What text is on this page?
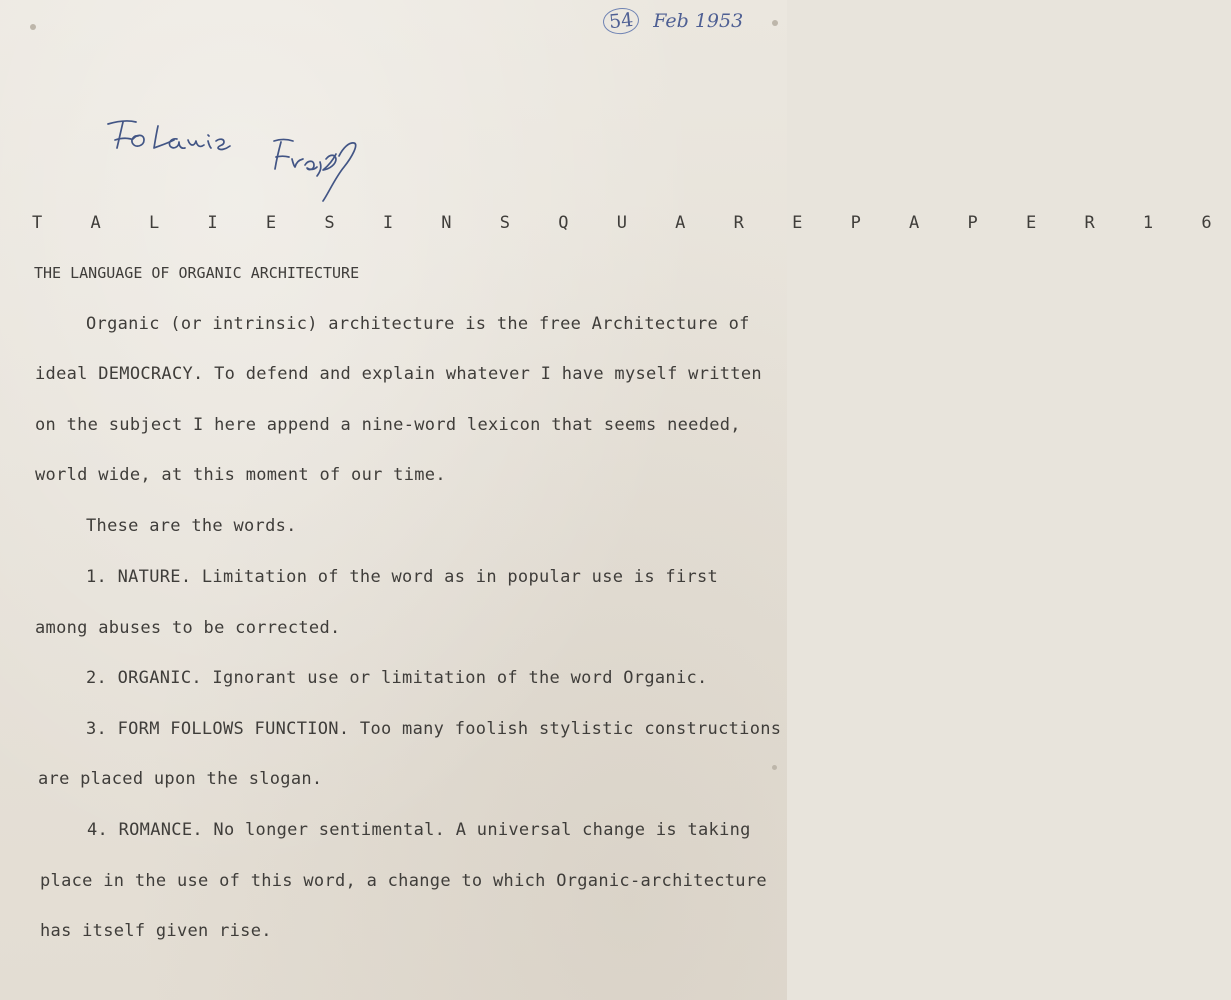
54 Feb 1953
T A L I E S I N S Q U A R E P A P E R 1 6
THE LANGUAGE OF ORGANIC ARCHITECTURE
Organic (or intrinsic) architecture is the free Architecture of
ideal DEMOCRACY. To defend and explain whatever I have myself written
on the subject I here append a nine-word lexicon that seems needed,
world wide, at this moment of our time.
These are the words.
1. NATURE. Limitation of the word as in popular use is first
among abuses to be corrected.
2. ORGANIC. Ignorant use or limitation of the word Organic.
3. FORM FOLLOWS FUNCTION. Too many foolish stylistic constructions
are placed upon the slogan.
4. ROMANCE. No longer sentimental. A universal change is taking
place in the use of this word, a change to which Organic-architecture
has itself given rise.
